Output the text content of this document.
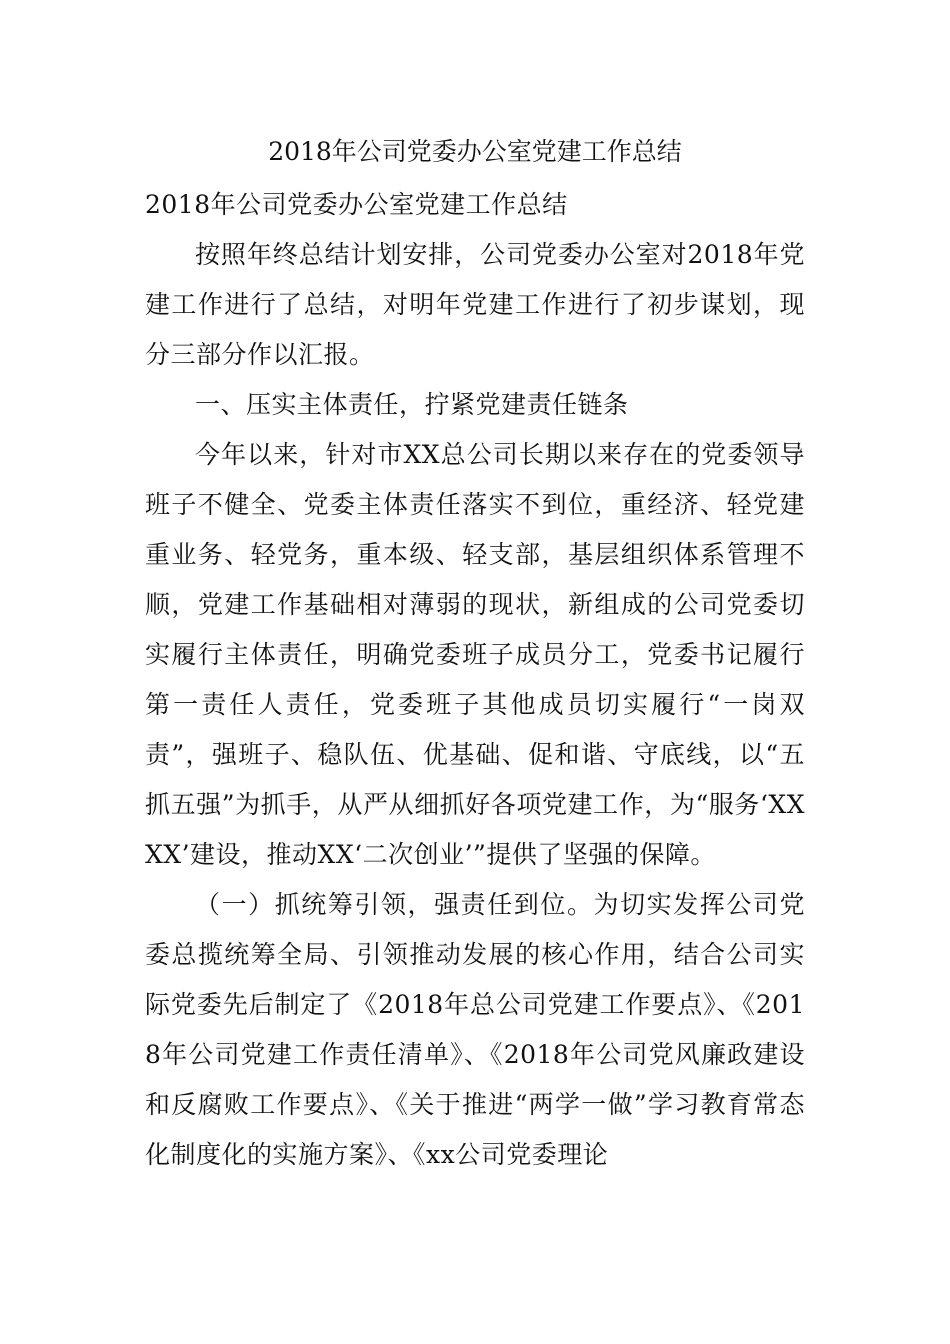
2018年公司党委办公室党建工作总结

2018年公司党委办公室党建工作总结

按照年终总结计划安排，公司党委办公室对2018年党建工作进行了总结，对明年党建工作进行了初步谋划，现分三部分作以汇报。

一、压实主体责任，拧紧党建责任链条

今年以来，针对市XX总公司长期以来存在的党委领导班子不健全、党委主体责任落实不到位，重经济、轻党建重业务、轻党务，重本级、轻支部，基层组织体系管理不顺，党建工作基础相对薄弱的现状，新组成的公司党委切实履行主体责任，明确党委班子成员分工，党委书记履行第一责任人责任，党委班子其他成员切实履行“一岗双责”，强班子、稳队伍、优基础、促和谐、守底线，以“五抓五强”为抓手，从严从细抓好各项党建工作，为“服务‘XXXX’建设，推动XX‘二次创业’”提供了坚强的保障。

（一）抓统筹引领，强责任到位。为切实发挥公司党委总揽统筹全局、引领推动发展的核心作用，结合公司实际党委先后制定了《2018年总公司党建工作要点》、《2018年公司党建工作责任清单》、《2018年公司党风廉政建设和反腐败工作要点》、《关于推进“两学一做”学习教育常态化制度化的实施方案》、《xx公司党委理论
